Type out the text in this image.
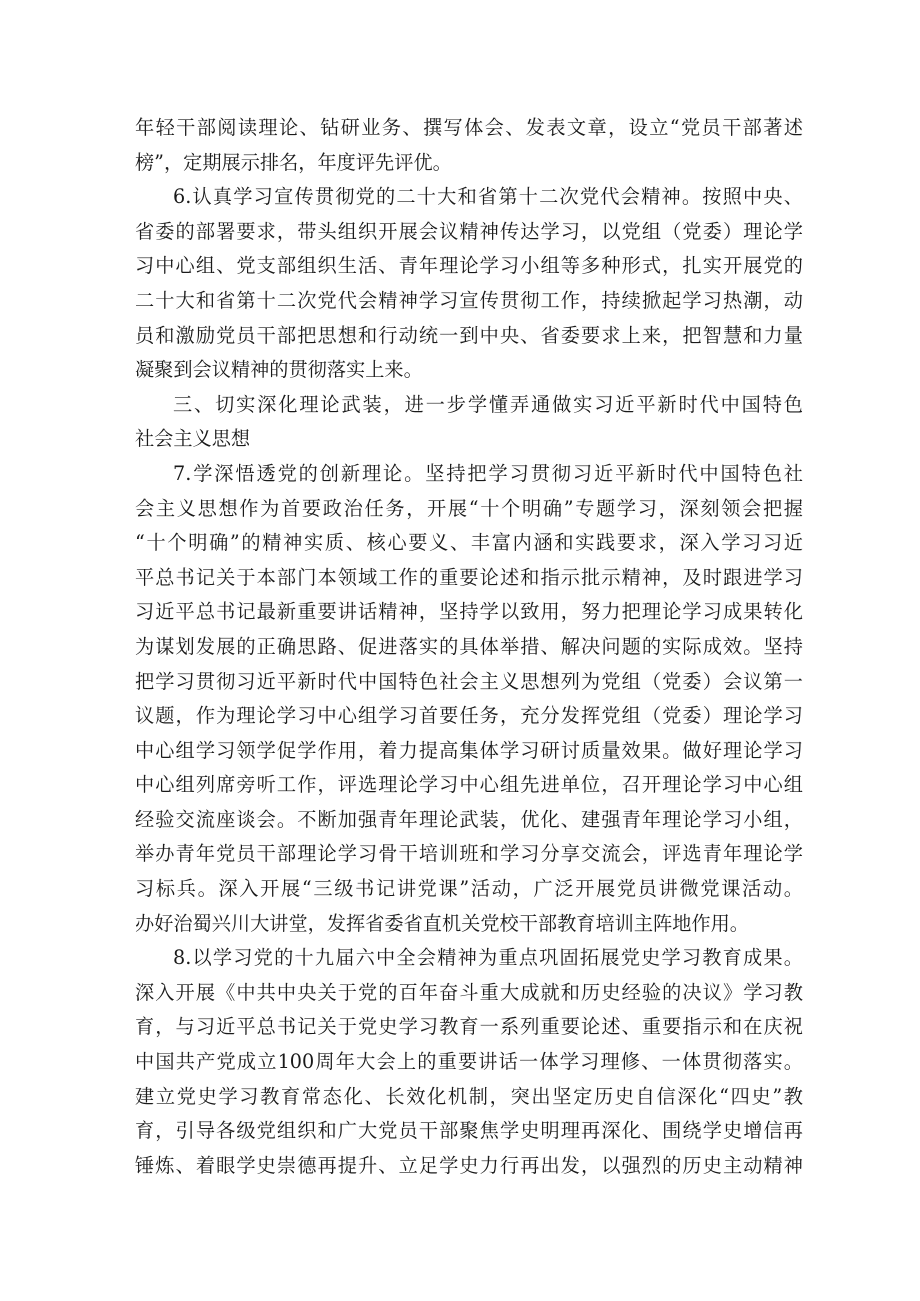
年轻干部阅读理论、钻研业务、撰写体会、发表文章，设立“党员干部著述
榜”，定期展示排名，年度评先评优。
6.认真学习宣传贯彻党的二十大和省第十二次党代会精神。按照中央、
省委的部署要求，带头组织开展会议精神传达学习，以党组（党委）理论学
习中心组、党支部组织生活、青年理论学习小组等多种形式，扎实开展党的
二十大和省第十二次党代会精神学习宣传贯彻工作，持续掀起学习热潮，动
员和激励党员干部把思想和行动统一到中央、省委要求上来，把智慧和力量
凝聚到会议精神的贯彻落实上来。
三、切实深化理论武装，进一步学懂弄通做实习近平新时代中国特色
社会主义思想
7.学深悟透党的创新理论。坚持把学习贯彻习近平新时代中国特色社
会主义思想作为首要政治任务，开展“十个明确”专题学习，深刻领会把握
“十个明确”的精神实质、核心要义、丰富内涵和实践要求，深入学习习近
平总书记关于本部门本领域工作的重要论述和指示批示精神，及时跟进学习
习近平总书记最新重要讲话精神，坚持学以致用，努力把理论学习成果转化
为谋划发展的正确思路、促进落实的具体举措、解决问题的实际成效。坚持
把学习贯彻习近平新时代中国特色社会主义思想列为党组（党委）会议第一
议题，作为理论学习中心组学习首要任务，充分发挥党组（党委）理论学习
中心组学习领学促学作用，着力提高集体学习研讨质量效果。做好理论学习
中心组列席旁听工作，评选理论学习中心组先进单位，召开理论学习中心组
经验交流座谈会。不断加强青年理论武装，优化、建强青年理论学习小组，
举办青年党员干部理论学习骨干培训班和学习分享交流会，评选青年理论学
习标兵。深入开展“三级书记讲党课”活动，广泛开展党员讲微党课活动。
办好治蜀兴川大讲堂，发挥省委省直机关党校干部教育培训主阵地作用。
8.以学习党的十九届六中全会精神为重点巩固拓展党史学习教育成果。
深入开展《中共中央关于党的百年奋斗重大成就和历史经验的决议》学习教
育，与习近平总书记关于党史学习教育一系列重要论述、重要指示和在庆祝
中国共产党成立100周年大会上的重要讲话一体学习理修、一体贯彻落实。
建立党史学习教育常态化、长效化机制，突出坚定历史自信深化“四史”教
育，引导各级党组织和广大党员干部聚焦学史明理再深化、围绕学史增信再
锤炼、着眼学史崇德再提升、立足学史力行再出发，以强烈的历史主动精神
